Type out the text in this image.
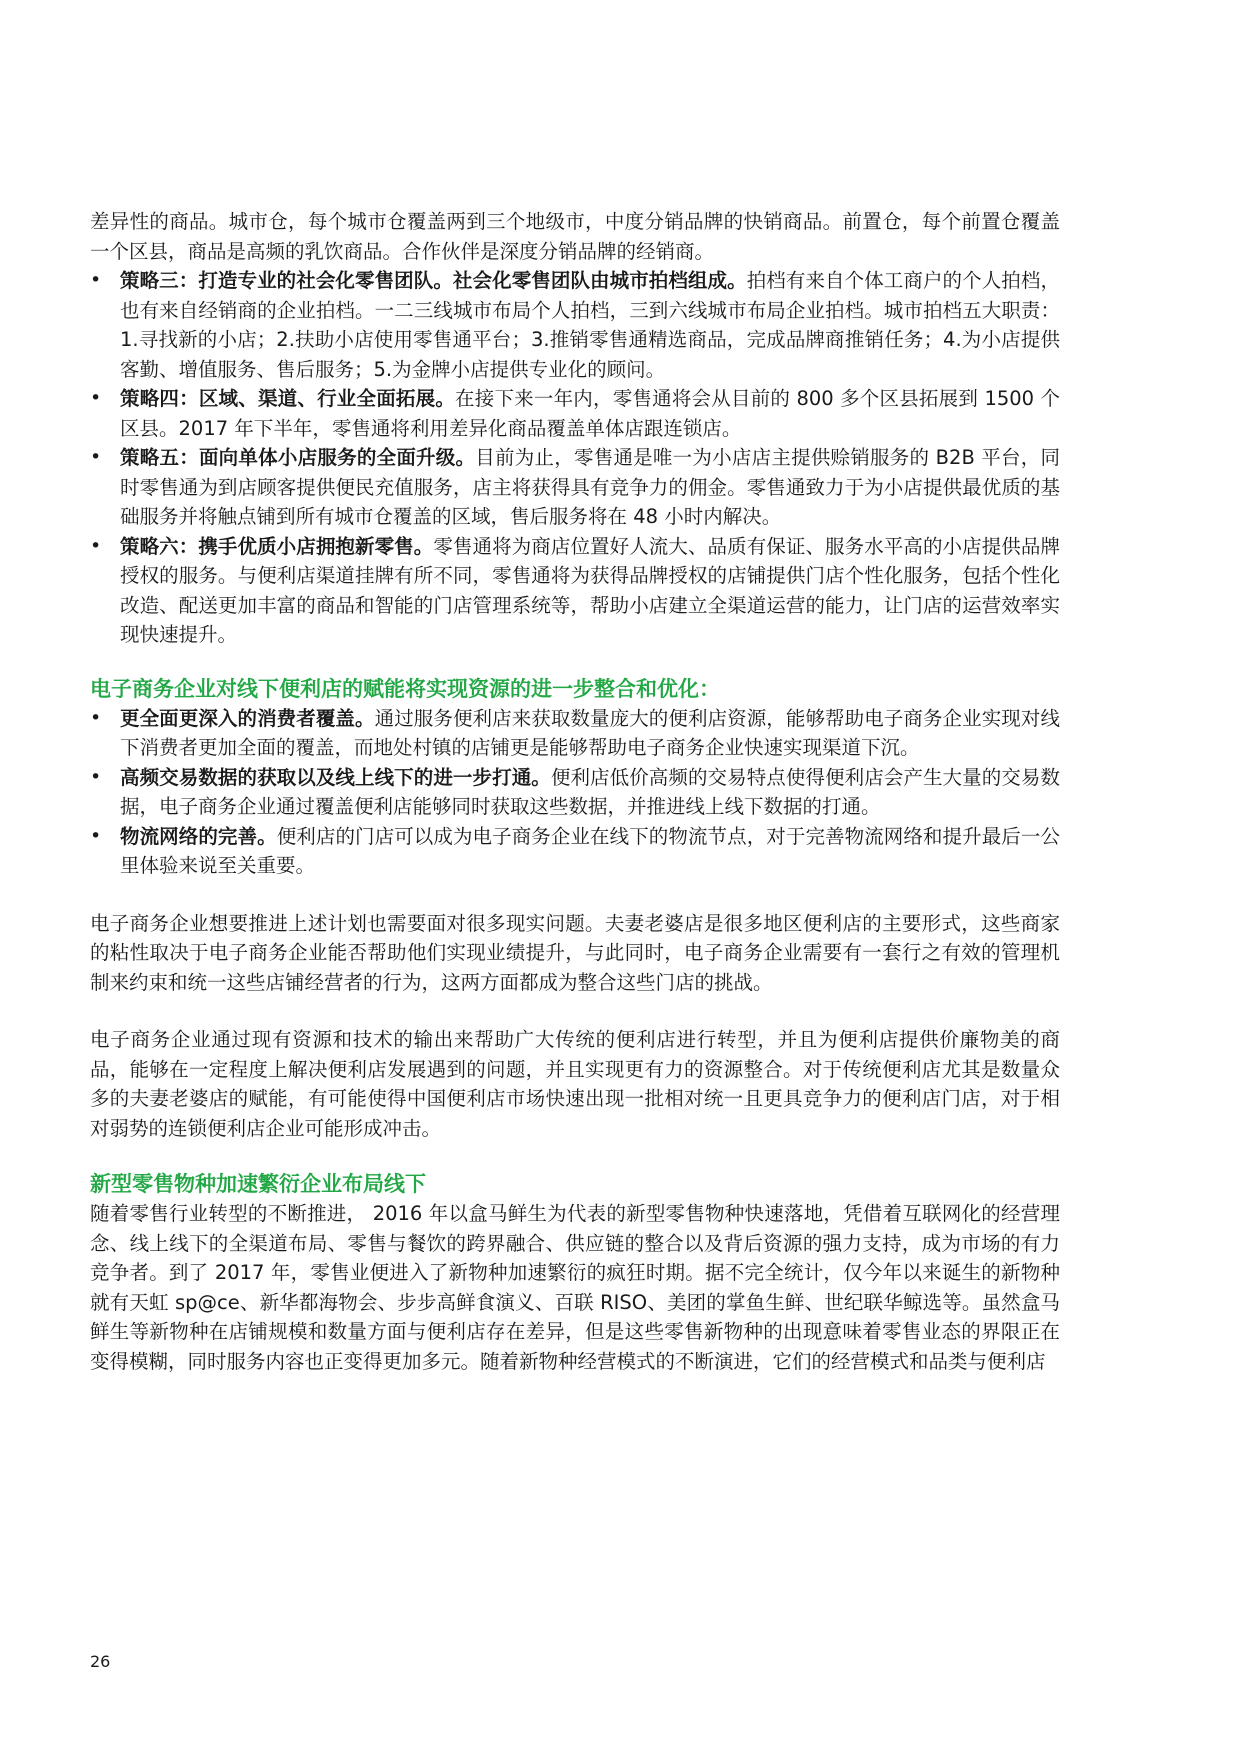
差异性的商品。城市仓，每个城市仓覆盖两到三个地级市，中度分销品牌的快销商品。前置仓，每个前置仓覆盖一个区县，商品是高频的乳饮商品。合作伙伴是深度分销品牌的经销商。

• 策略三：打造专业的社会化零售团队。社会化零售团队由城市拍档组成。拍档有来自个体工商户的个人拍档，也有来自经销商的企业拍档。一二三线城市布局个人拍档，三到六线城市布局企业拍档。城市拍档五大职责：1.寻找新的小店；2.扶助小店使用零售通平台；3.推销零售通精选商品，完成品牌商推销任务；4.为小店提供客勤、增值服务、售后服务；5.为金牌小店提供专业化的顾问。
• 策略四：区域、渠道、行业全面拓展。在接下来一年内，零售通将会从目前的 800 多个区县拓展到 1500 个区县。2017 年下半年，零售通将利用差异化商品覆盖单体店跟连锁店。
• 策略五：面向单体小店服务的全面升级。目前为止，零售通是唯一为小店店主提供赊销服务的 B2B 平台，同时零售通为到店顾客提供便民充值服务，店主将获得具有竞争力的佣金。零售通致力于为小店提供最优质的基础服务并将触点铺到所有城市仓覆盖的区域，售后服务将在 48 小时内解决。
• 策略六：携手优质小店拥抱新零售。零售通将为商店位置好人流大、品质有保证、服务水平高的小店提供品牌授权的服务。与便利店渠道挂牌有所不同，零售通将为获得品牌授权的店铺提供门店个性化服务，包括个性化改造、配送更加丰富的商品和智能的门店管理系统等，帮助小店建立全渠道运营的能力，让门店的运营效率实现快速提升。
电子商务企业对线下便利店的赋能将实现资源的进一步整合和优化：
• 更全面更深入的消费者覆盖。通过服务便利店来获取数量庞大的便利店资源，能够帮助电子商务企业实现对线下消费者更加全面的覆盖，而地处村镇的店铺更是能够帮助电子商务企业快速实现渠道下沉。
• 高频交易数据的获取以及线上线下的进一步打通。便利店低价高频的交易特点使得便利店会产生大量的交易数据，电子商务企业通过覆盖便利店能够同时获取这些数据，并推进线上线下数据的打通。
• 物流网络的完善。便利店的门店可以成为电子商务企业在线下的物流节点，对于完善物流网络和提升最后一公里体验来说至关重要。

电子商务企业想要推进上述计划也需要面对很多现实问题。夫妻老婆店是很多地区便利店的主要形式，这些商家的粘性取决于电子商务企业能否帮助他们实现业绩提升，与此同时，电子商务企业需要有一套行之有效的管理机制来约束和统一这些店铺经营者的行为，这两方面都成为整合这些门店的挑战。

电子商务企业通过现有资源和技术的输出来帮助广大传统的便利店进行转型，并且为便利店提供价廉物美的商品，能够在一定程度上解决便利店发展遇到的问题，并且实现更有力的资源整合。对于传统便利店尤其是数量众多的夫妻老婆店的赋能，有可能使得中国便利店市场快速出现一批相对统一且更具竞争力的便利店门店，对于相对弱势的连锁便利店企业可能形成冲击。

新型零售物种加速繁衍企业布局线下

随着零售行业转型的不断推进， 2016 年以盒马鲜生为代表的新型零售物种快速落地，凭借着互联网化的经营理念、线上线下的全渠道布局、零售与餐饮的跨界融合、供应链的整合以及背后资源的强力支持，成为市场的有力竞争者。到了 2017 年，零售业便进入了新物种加速繁衍的疯狂时期。据不完全统计，仅今年以来诞生的新物种就有天虹 sp@ce、新华都海物会、步步高鲜食演义、百联 RISO、美团的掌鱼生鲜、世纪联华鲸选等。虽然盒马鲜生等新物种在店铺规模和数量方面与便利店存在差异，但是这些零售新物种的出现意味着零售业态的界限正在变得模糊，同时服务内容也正变得更加多元。随着新物种经营模式的不断演进，它们的经营模式和品类与便利店

26
